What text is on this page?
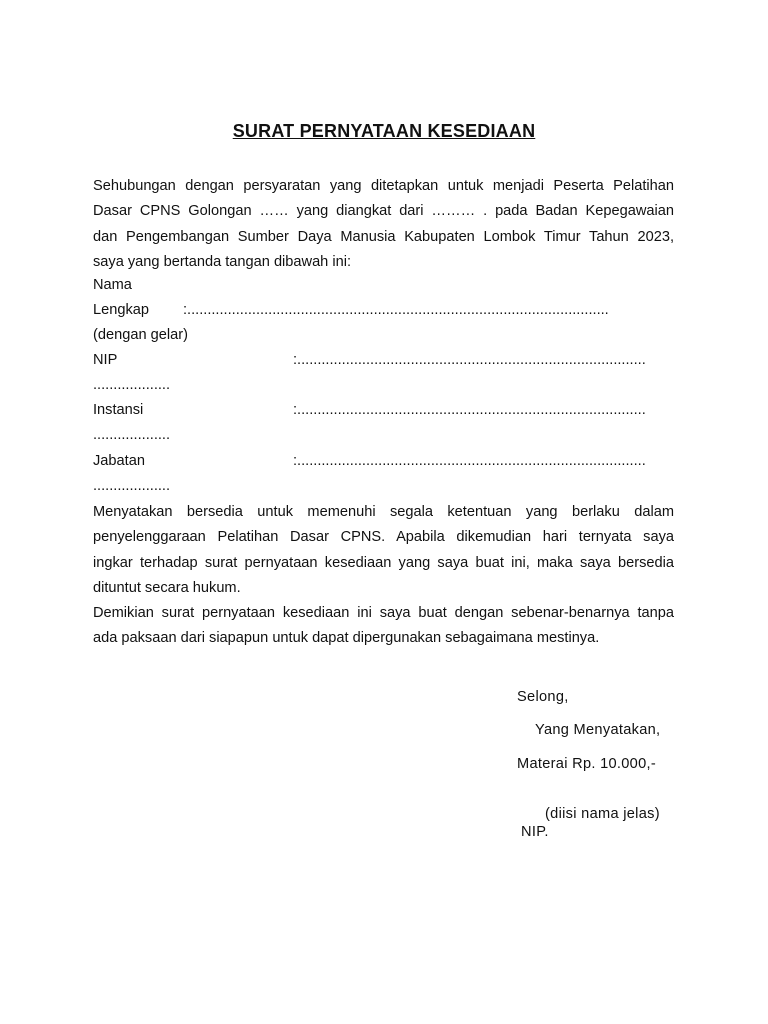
SURAT PERNYATAAN KESEDIAAN
Sehubungan dengan persyaratan yang ditetapkan untuk menjadi Peserta Pelatihan
Dasar CPNS Golongan …… yang diangkat dari ……… . pada Badan Kepegawaian
dan Pengembangan Sumber Daya Manusia Kabupaten Lombok Timur Tahun 2023,
saya yang bertanda tangan dibawah ini:
Nama
Lengkap :........................................................................................................
(dengan gelar)
NIP	:......................................................................................
...................
Instansi	:......................................................................................
...................
Jabatan	:......................................................................................
...................
Menyatakan bersedia untuk memenuhi segala ketentuan yang berlaku dalam
penyelenggaraan Pelatihan Dasar CPNS. Apabila dikemudian hari ternyata saya
ingkar terhadap surat pernyataan kesediaan yang saya buat ini, maka saya bersedia
dituntut secara hukum.
Demikian surat pernyataan kesediaan ini saya buat dengan sebenar-benarnya tanpa
ada paksaan dari siapapun untuk dapat dipergunakan sebagaimana mestinya.
Selong,
Yang Menyatakan,
Materai Rp. 10.000,-
(diisi nama jelas)
NIP.
